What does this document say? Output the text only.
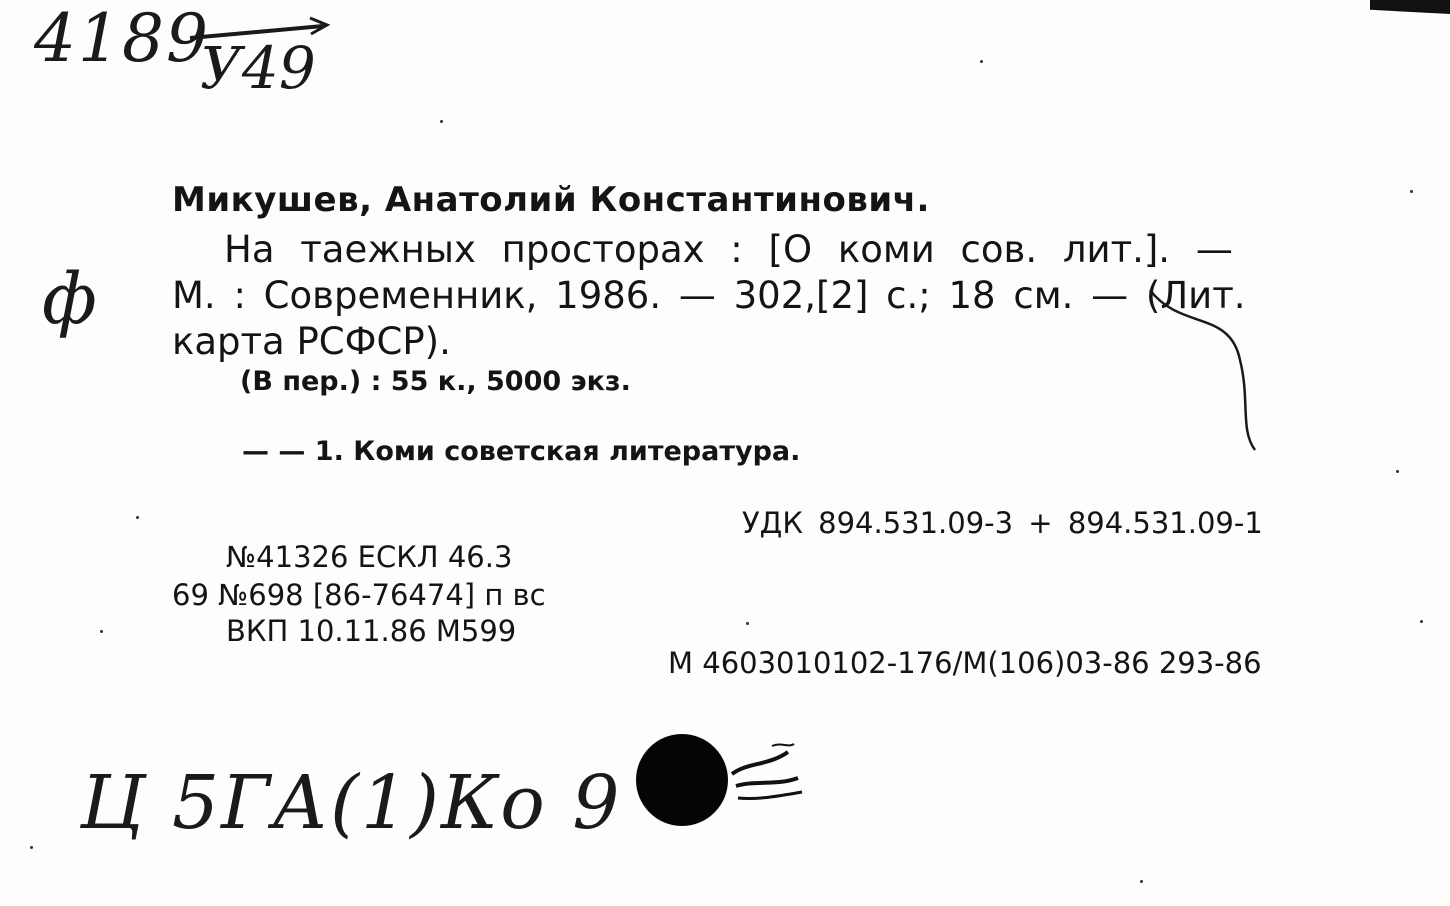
4189
У49
ф
Микушев, Анатолий Константинович.
На таежных просторах : [О коми сов. лит.]. —
М. : Современник, 1986. — 302,[2] с.; 18 см. — (Лит.
карта РСФСР).
(В пер.) : 55 к., 5000 экз.
— — 1. Коми советская литература.
УДК 894.531.09-3 + 894.531.09-1
№41326 ЕСКЛ 46.3
69 №698 [86-76474] п вс
ВКП 10.11.86 М599
М 4603010102-176/М(106)03-86 293-86
Ц 5ГА(1)Ко 9
